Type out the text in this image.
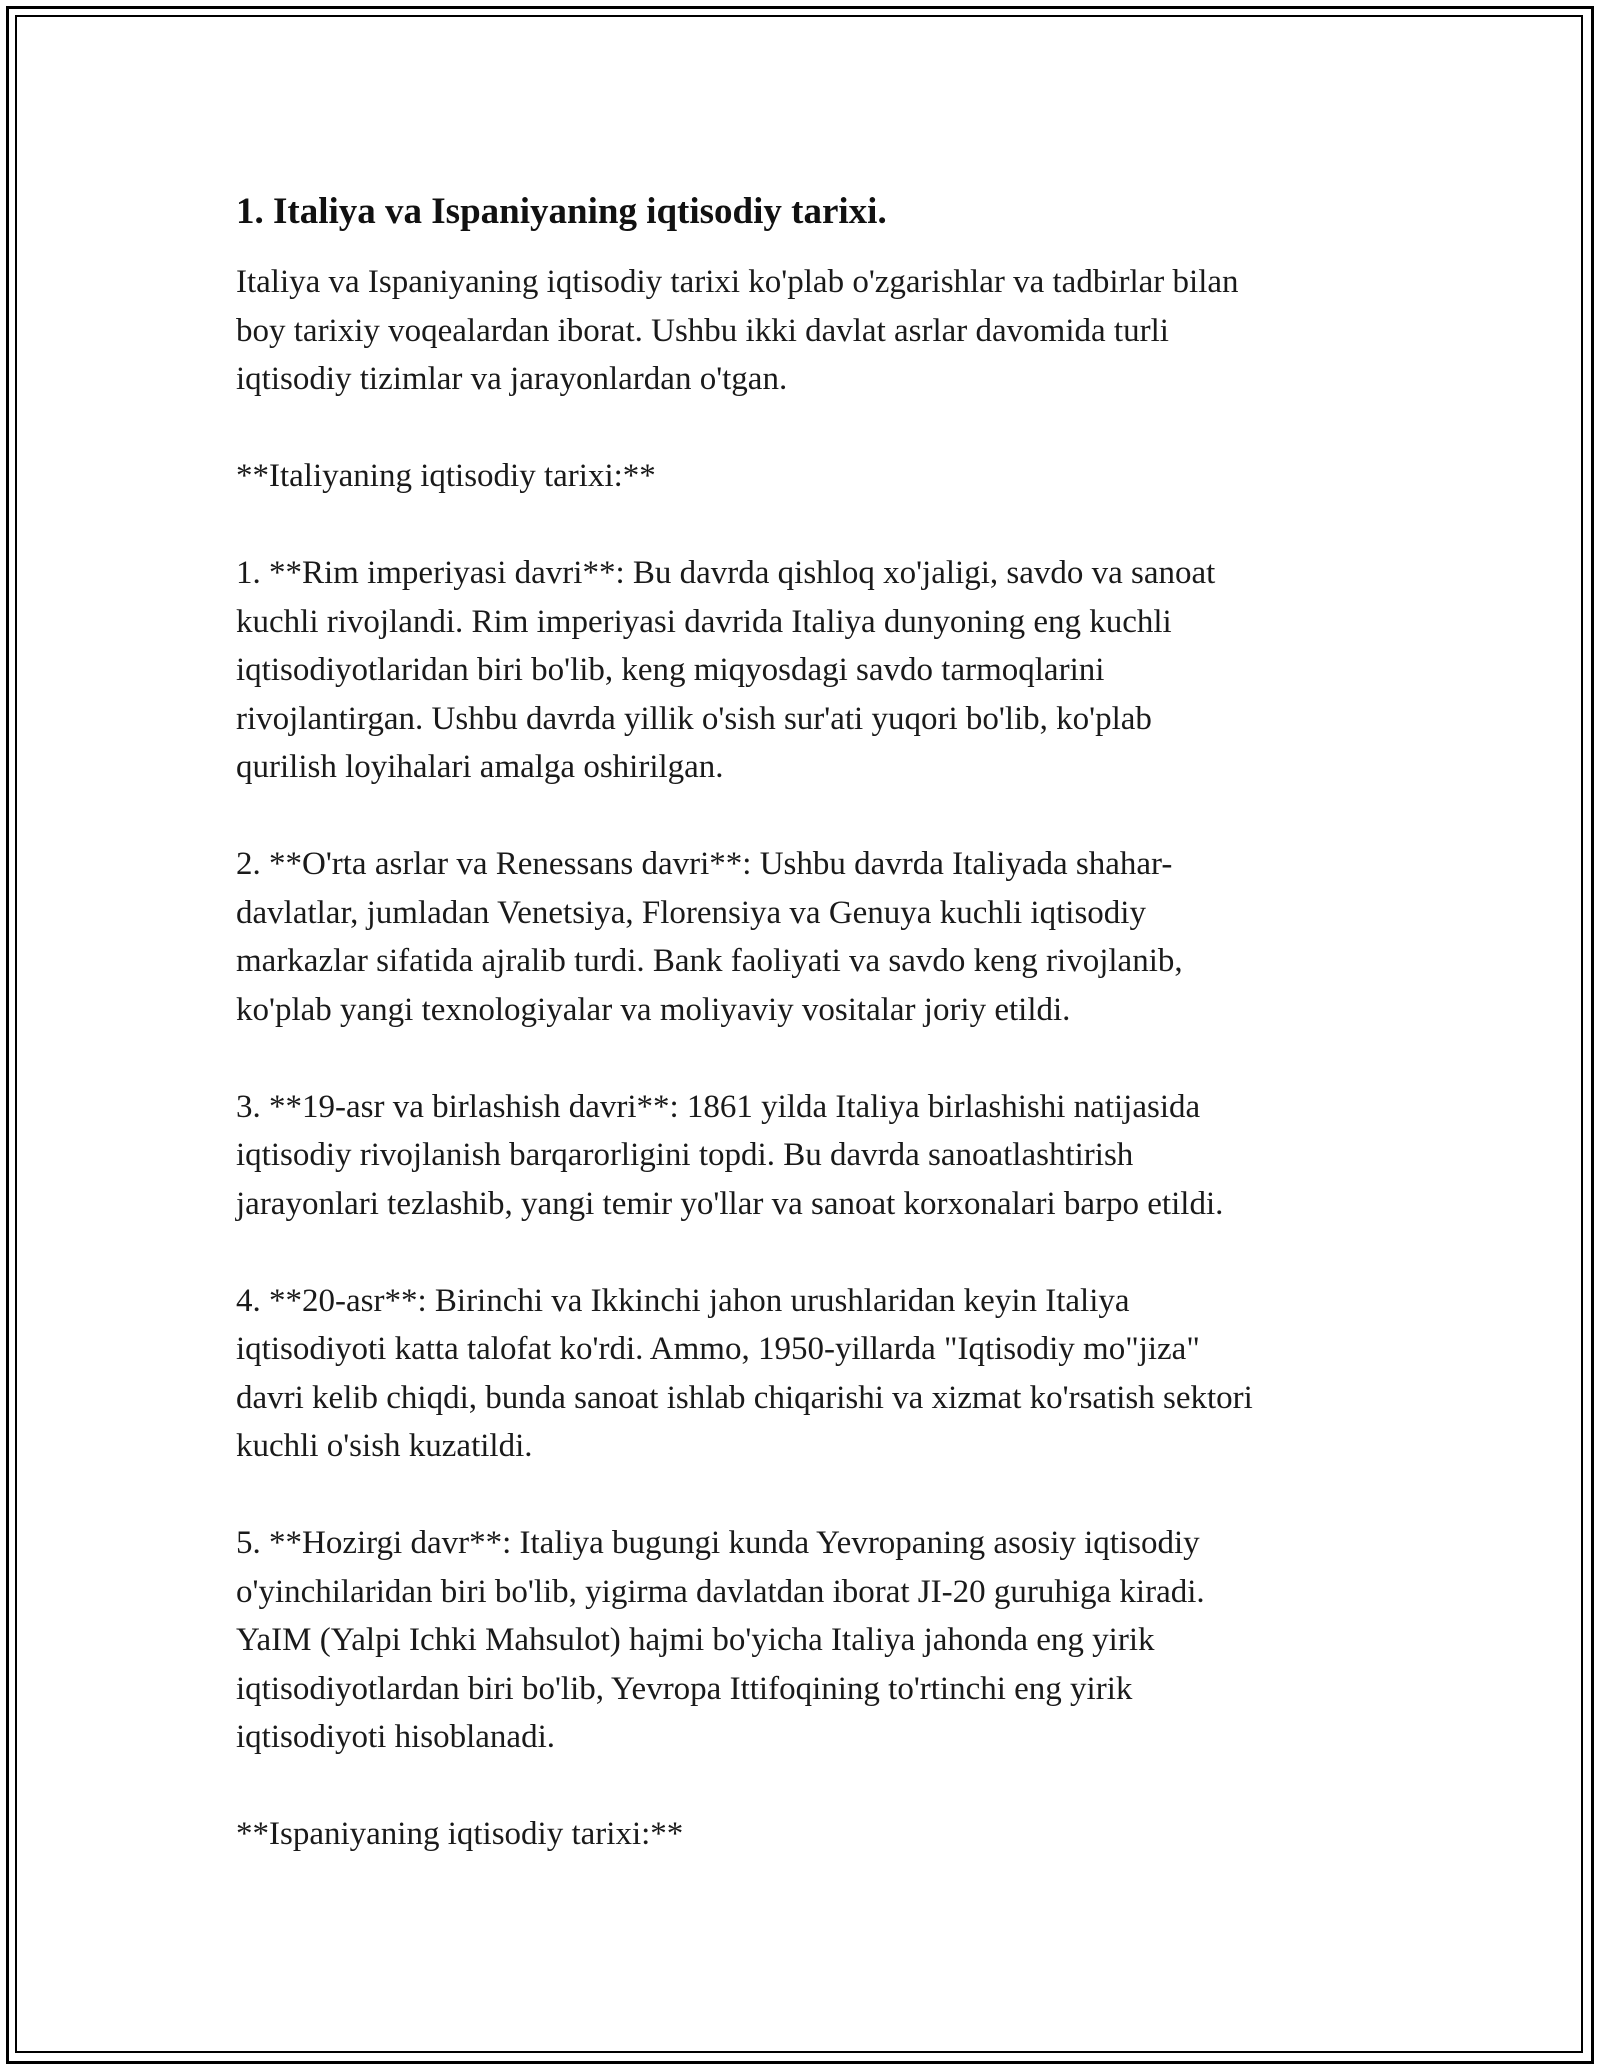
1. Italiya va Ispaniyaning iqtisodiy tarixi.
Italiya va Ispaniyaning iqtisodiy tarixi ko'plab o'zgarishlar va tadbirlar bilan
boy tarixiy voqealardan iborat. Ushbu ikki davlat asrlar davomida turli
iqtisodiy tizimlar va jarayonlardan o'tgan.
**Italiyaning iqtisodiy tarixi:**
1. **Rim imperiyasi davri**: Bu davrda qishloq xo'jaligi, savdo va sanoat
kuchli rivojlandi. Rim imperiyasi davrida Italiya dunyoning eng kuchli
iqtisodiyotlaridan biri bo'lib, keng miqyosdagi savdo tarmoqlarini
rivojlantirgan. Ushbu davrda yillik o'sish sur'ati yuqori bo'lib, ko'plab
qurilish loyihalari amalga oshirilgan.
2. **O'rta asrlar va Renessans davri**: Ushbu davrda Italiyada shahar-
davlatlar, jumladan Venetsiya, Florensiya va Genuya kuchli iqtisodiy
markazlar sifatida ajralib turdi. Bank faoliyati va savdo keng rivojlanib,
ko'plab yangi texnologiyalar va moliyaviy vositalar joriy etildi.
3. **19-asr va birlashish davri**: 1861 yilda Italiya birlashishi natijasida
iqtisodiy rivojlanish barqarorligini topdi. Bu davrda sanoatlashtirish
jarayonlari tezlashib, yangi temir yo'llar va sanoat korxonalari barpo etildi.
4. **20-asr**: Birinchi va Ikkinchi jahon urushlaridan keyin Italiya
iqtisodiyoti katta talofat ko'rdi. Ammo, 1950-yillarda "Iqtisodiy mo"jiza"
davri kelib chiqdi, bunda sanoat ishlab chiqarishi va xizmat ko'rsatish sektori
kuchli o'sish kuzatildi.
5. **Hozirgi davr**: Italiya bugungi kunda Yevropaning asosiy iqtisodiy
o'yinchilaridan biri bo'lib, yigirma davlatdan iborat JI-20 guruhiga kiradi.
YaIM (Yalpi Ichki Mahsulot) hajmi bo'yicha Italiya jahonda eng yirik
iqtisodiyotlardan biri bo'lib, Yevropa Ittifoqining to'rtinchi eng yirik
iqtisodiyoti hisoblanadi.
**Ispaniyaning iqtisodiy tarixi:**
